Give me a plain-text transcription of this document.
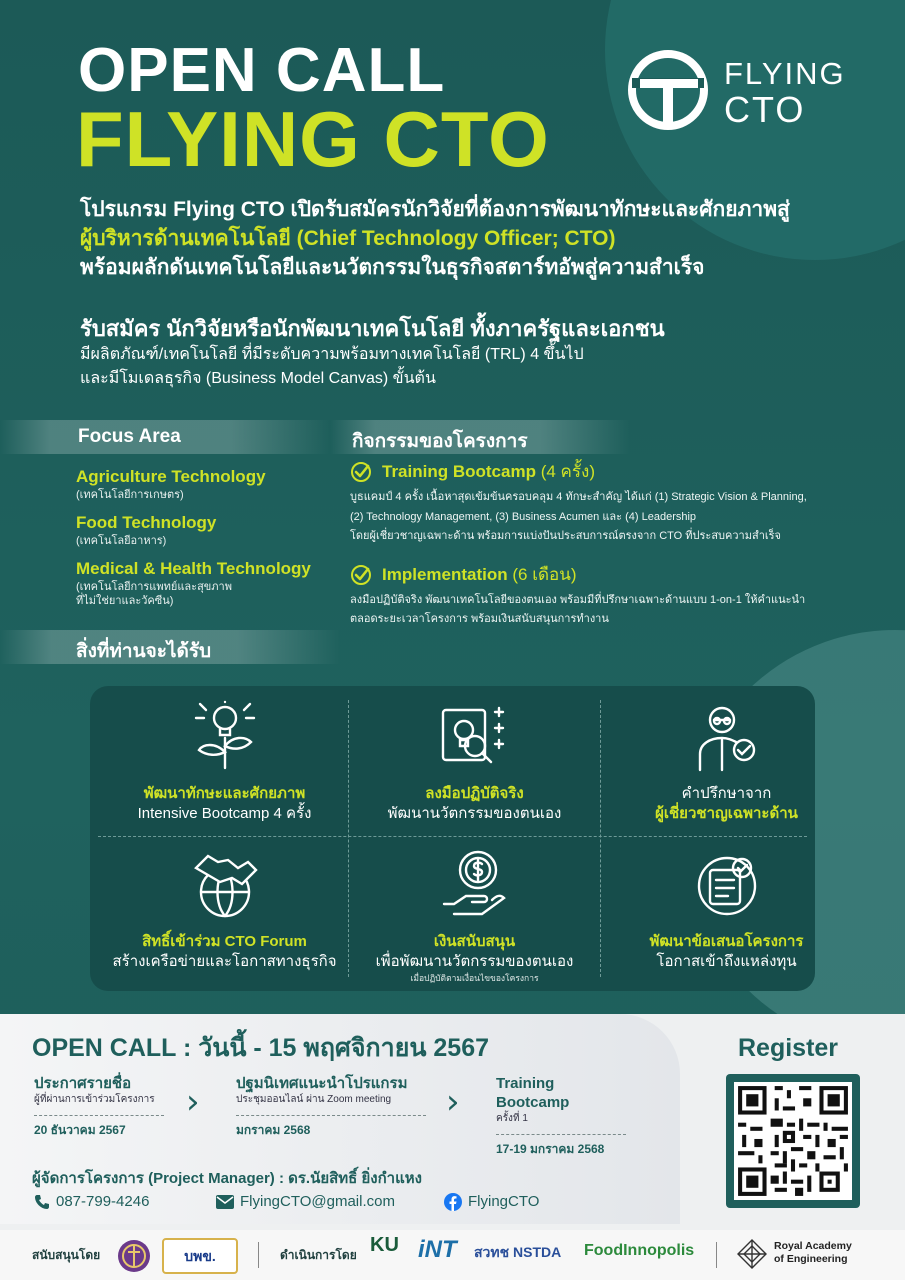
OPEN CALL
FLYING CTO
FLYING
CTO
โปรแกรม Flying CTO เปิดรับสมัครนักวิจัยที่ต้องการพัฒนาทักษะและศักยภาพสู่
ผู้บริหารด้านเทคโนโลยี (Chief Technology Officer; CTO)
พร้อมผลักดันเทคโนโลยีและนวัตกรรมในธุรกิจสตาร์ทอัพสู่ความสำเร็จ
รับสมัคร นักวิจัยหรือนักพัฒนาเทคโนโลยี ทั้งภาครัฐและเอกชน
มีผลิตภัณฑ์/เทคโนโลยี ที่มีระดับความพร้อมทางเทคโนโลยี (TRL) 4 ขึ้นไป
และมีโมเดลธุรกิจ (Business Model Canvas) ขั้นต้น
Focus Area	กิจกรรมของโครงการ
Agriculture Technology
(เทคโนโลยีการเกษตร)
Food Technology
(เทคโนโลยีอาหาร)
Medical & Health Technology
(เทคโนโลยีการแพทย์และสุขภาพ
ที่ไม่ใช่ยาและวัคซีน)
Training Bootcamp (4 ครั้ง)
บูธแคมป์ 4 ครั้ง เนื้อหาสุดเข้มข้นครอบคลุม 4 ทักษะสำคัญ ได้แก่ (1) Strategic Vision & Planning,
(2) Technology Management, (3) Business Acumen และ (4) Leadership
โดยผู้เชี่ยวชาญเฉพาะด้าน พร้อมการแบ่งปันประสบการณ์ตรงจาก CTO ที่ประสบความสำเร็จ
Implementation (6 เดือน)
ลงมือปฏิบัติจริง พัฒนาเทคโนโลยีของตนเอง พร้อมมีที่ปรึกษาเฉพาะด้านแบบ 1-on-1 ให้คำแนะนำ
ตลอดระยะเวลาโครงการ พร้อมเงินสนับสนุนการทำงาน
สิ่งที่ท่านจะได้รับ
พัฒนาทักษะและศักยภาพ
Intensive Bootcamp 4 ครั้ง
ลงมือปฏิบัติจริง
พัฒนานวัตกรรมของตนเอง
คำปรึกษาจาก
ผู้เชี่ยวชาญเฉพาะด้าน
สิทธิ์เข้าร่วม CTO Forum
สร้างเครือข่ายและโอกาสทางธุรกิจ
เงินสนับสนุน
เพื่อพัฒนานวัตกรรมของตนเอง
เมื่อปฏิบัติตามเงื่อนไขของโครงการ
พัฒนาข้อเสนอโครงการ
โอกาสเข้าถึงแหล่งทุน
OPEN CALL : วันนี้ - 15 พฤศจิกายน 2567
ประกาศรายชื่อ
ผู้ที่ผ่านการเข้าร่วมโครงการ
20 ธันวาคม 2567
› ปฐมนิเทศแนะนำโปรแกรม
ประชุมออนไลน์ ผ่าน Zoom meeting
มกราคม 2568
› Training Bootcamp
ครั้งที่ 1
17-19 มกราคม 2568
Register
ผู้จัดการโครงการ (Project Manager) : ดร.นัยสิทธิ์ ยิ่งกำแหง
087-799-4246	FlyingCTO@gmail.com	FlyingCTO
สนับสนุนโดย	บพข.	ดำเนินการโดย KU iNT สวทช NSTDA FoodInnopolis	Royal Academy
of Engineering
